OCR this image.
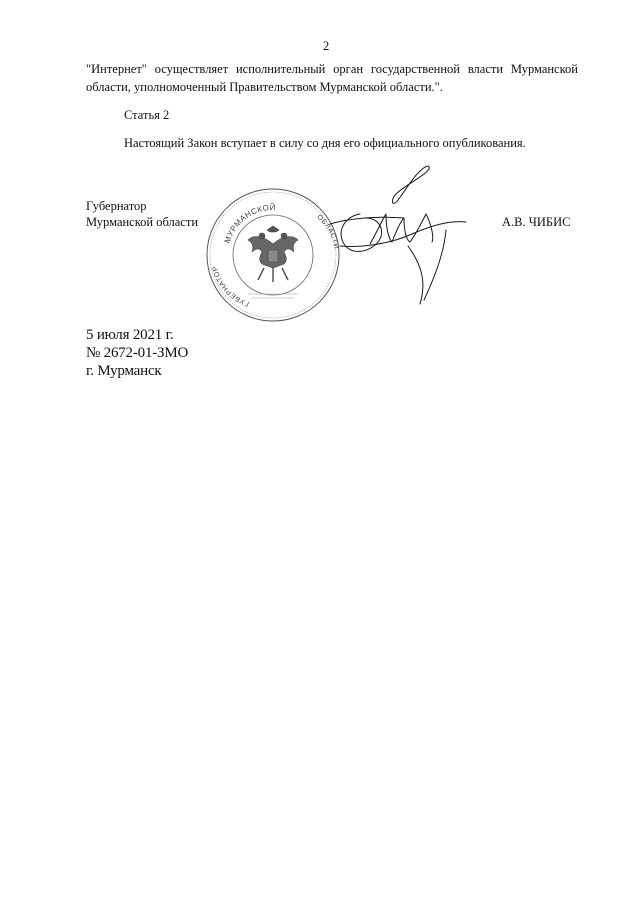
2
"Интернет" осуществляет исполнительный орган государственной власти Мурманской области, уполномоченный Правительством Мурманской области.".
Статья 2
Настоящий Закон вступает в силу со дня его официального опубликования.
Губернатор
Мурманской области	А.В. ЧИБИС
МУРМАНСКОЙ
ГУБЕРНАТОР
ОБЛАСТИ
5 июля 2021 г.
№ 2672-01-ЗМО
г. Мурманск
